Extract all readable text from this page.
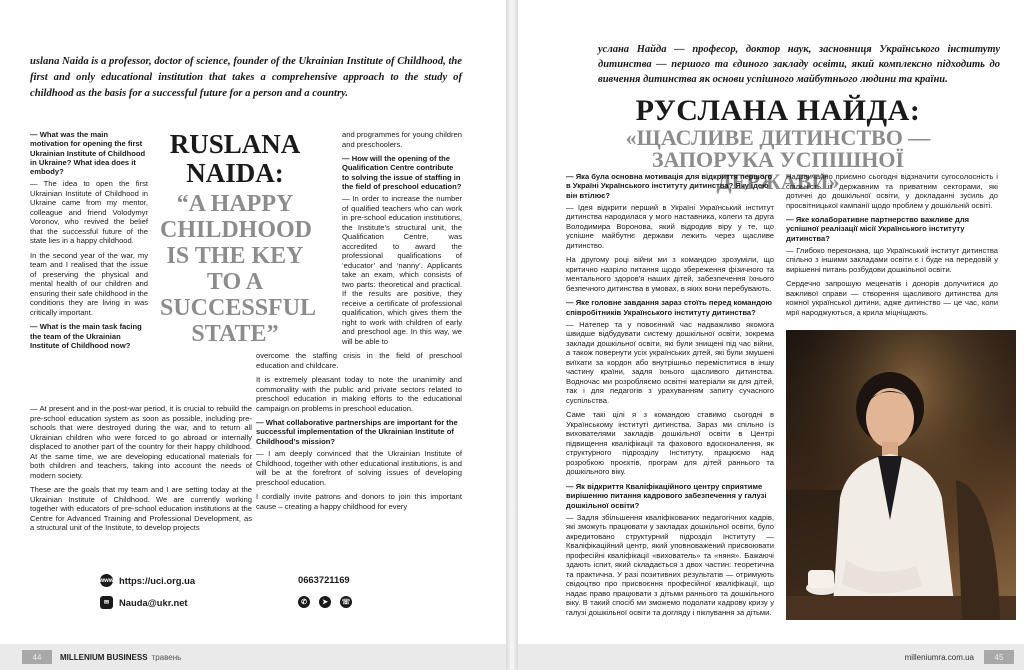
uslana Naida is a professor, doctor of science, founder of the Ukrainian Institute of Childhood, the first and only educational institution that takes a comprehensive approach to the study of childhood as the basis for a successful future for a person and a country.
— What was the main motivation for opening the first Ukrainian Institute of Childhood in Ukraine? What idea does it embody?
— The idea to open the first Ukrainian Institute of Childhood in Ukraine came from my mentor, colleague and friend Volodymyr Voronov, who revived the belief that the successful future of the state lies in a happy childhood.
In the second year of the war, my team and I realised that the issue of preserving the physical and mental health of our children and ensuring their safe childhood in the conditions they are living in was critically important.
— What is the main task facing the team of the Ukrainian Institute of Childhood now?
RUSLANA NAIDA:
“A HAPPY CHILDHOOD IS THE KEY TO A SUCCESSFUL STATE”
— At present and in the post-war period, it is crucial to rebuild the pre-school education system as soon as possible, including pre-schools that were destroyed during the war, and to return all Ukrainian children who were forced to go abroad or internally displaced to another part of the country for their happy childhood. At the same time, we are developing educational materials for both children and teachers, taking into account the needs of modern society.
These are the goals that my team and I are setting today at the Ukrainian Institute of Childhood. We are currently working together with educators of pre-school education institutions at the Centre for Advanced Training and Professional Development, as a structural unit of the Institute, to develop projects
and programmes for young children and preschoolers.
— How will the opening of the Qualification Centre contribute to solving the issue of staffing in the field of preschool education?
— In order to increase the number of qualified teachers who can work in pre-school education institutions, the Institute's structural unit, the Qualification Centre, was accredited to award the professional qualifications of ‘educator’ and ‘nanny’. Applicants take an exam, which consists of two parts: theoretical and practical. If the results are positive, they receive a certificate of professional qualification, which gives them the right to work with children of early and preschool age. In this way, we will be able to
overcome the staffing crisis in the field of preschool education and childcare.
It is extremely pleasant today to note the unanimity and commonality with the public and private sectors related to preschool education in making efforts to the educational campaign on problems in preschool education.
— What collaborative partnerships are important for the successful implementation of the Ukrainian Institute of Childhood’s mission?
— I am deeply convinced that the Ukrainian Institute of Childhood, together with other educational institutions, is and will be at the forefront of solving issues of developing preschool education.
I cordially invite patrons and donors to join this important cause – creating a happy childhood for every
www https://uci.org.ua
✉	Nauda@ukr.net
0663721169
✆	➤	☏
44	MILLENIUM BUSINESS травень
услана Найда — професор, доктор наук, засновниця Українського інституту дитинства — першого та єдиного закладу освіти, який комплексно підходить до вивчення дитинства як основи успішного майбутнього людини та країни.
РУСЛАНА НАЙДА:
«ЩАСЛИВЕ ДИТИНСТВО — ЗАПОРУКА УСПІШНОЇ ДЕРЖАВИ»
— Яка була основна мотивація для відкриття першого в Україні Українського інституту дитинства? Яку ідею він втілює?
— Ідея відкрити перший в Україні Український інститут дитинства народилася у мого наставника, колеги та друга Володимира Воронова, який відродив віру у те, що успішне майбутнє держави лежить через щасливе дитинство.
На другому році війни ми з командою зрозуміли, що критично назріло питання щодо збереження фізичного та ментального здоров'я наших дітей, забезпечення їхнього безпечного дитинства в умовах, в яких вони перебувають.
— Яке головне завдання зараз стоїть перед командою співробітників Українського інституту дитинства?
— Натепер та у повоєнний час надважливо якомога швидше відбудувати систему дошкільної освіти, зокрема заклади дошкільної освіти, які були знищені під час війни, а також повернути усіх українських дітей, які були змушені виїхати за кордон або внутрішньо переміститися в іншу частину країни, задля їхнього щасливого дитинства. Водночас ми розробляємо освітні матеріали як для дітей, так і для педагогів з урахуванням запиту сучасного суспільства.
Саме такі цілі я з командою ставимо сьогодні в Українському інституті дитинства. Зараз ми спільно із вихователями закладів дошкільної освіти в Центрі підвищення кваліфікації та фахового вдосконалення, як структурного підрозділу Інституту, працюємо над розробкою проєктів, програм для дітей раннього та дошкільного віку.
— Як відкриття Кваліфікаційного центру сприятиме вирішенню питання кадрового забезпечення у галузі дошкільної освіти?
— Задля збільшення кваліфікованих педагогічних кадрів, які зможуть працювати у закладах дошкільної освіти, було акредитовано структурний підрозділ Інституту — Кваліфікаційний центр, який уповноважений присвоювати професійні кваліфікації «вихователь» та «няня». Бажаючі здають іспит, який складається з двох частин: теоретична та практична. У разі позитивних результатів — отримують свідоцтво про присвоєння професійної кваліфікації, що надає право працювати з дітьми раннього та дошкільного віку. В такий спосіб ми зможемо подолати кадрову кризу у галузі дошкільної освіти та догляду і піклування за дітьми.
Надзвичайно приємно сьогодні відзначити сугосолосність і спільність із державним та приватним секторами, які дотичні до дошкільної освіти, у докладанні зусиль до просвітницької кампанії щодо проблем у дошкільній освіті.
— Яке колаборативне партнерство важливе для успішної реалізації місії Українського інституту дитинства?
— Глибоко переконана, що Український інститут дитинства спільно з іншими закладами освіти є і буде на передовій у вирішенні питань розбудови дошкільної освіти.
Сердечно запрошую меценатів і донорів долучитися до важливої справи — створення щасливого дитинства для кожної української дитини, адже дитинство — це час, коли мрії народжуються, а крила міцніщають.
milleniumra.com.ua	45
